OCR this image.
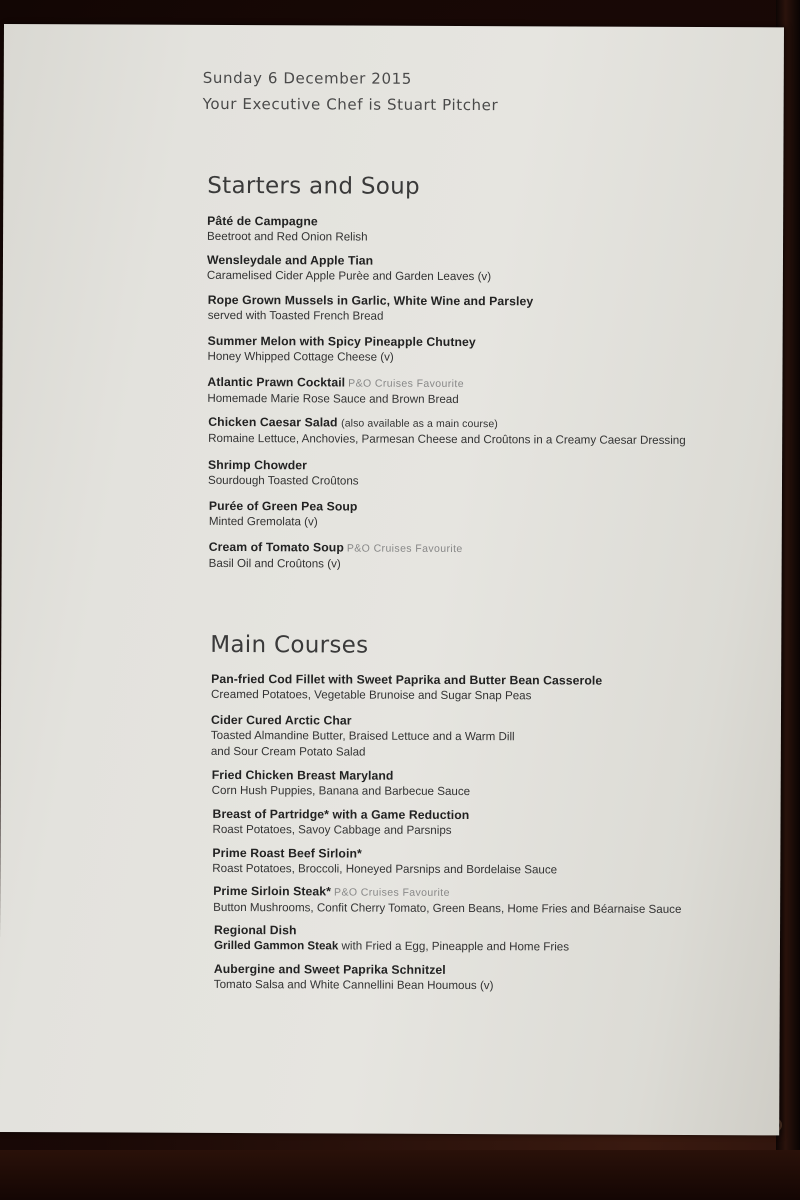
Sunday 6 December 2015
Your Executive Chef is Stuart Pitcher
Starters and Soup
Pâté de Campagne
Beetroot and Red Onion Relish
Wensleydale and Apple Tian
Caramelised Cider Apple Purèe and Garden Leaves (v)
Rope Grown Mussels in Garlic, White Wine and Parsley
served with Toasted French Bread
Summer Melon with Spicy Pineapple Chutney
Honey Whipped Cottage Cheese (v)
Atlantic Prawn Cocktail P&O Cruises Favourite
Homemade Marie Rose Sauce and Brown Bread
Chicken Caesar Salad (also available as a main course)
Romaine Lettuce, Anchovies, Parmesan Cheese and Croûtons in a Creamy Caesar Dressing
Shrimp Chowder
Sourdough Toasted Croûtons
Purée of Green Pea Soup
Minted Gremolata (v)
Cream of Tomato Soup P&O Cruises Favourite
Basil Oil and Croûtons (v)
Main Courses
Pan-fried Cod Fillet with Sweet Paprika and Butter Bean Casserole
Creamed Potatoes, Vegetable Brunoise and Sugar Snap Peas
Cider Cured Arctic Char
Toasted Almandine Butter, Braised Lettuce and a Warm Dill
and Sour Cream Potato Salad
Fried Chicken Breast Maryland
Corn Hush Puppies, Banana and Barbecue Sauce
Breast of Partridge* with a Game Reduction
Roast Potatoes, Savoy Cabbage and Parsnips
Prime Roast Beef Sirloin*
Roast Potatoes, Broccoli, Honeyed Parsnips and Bordelaise Sauce
Prime Sirloin Steak* P&O Cruises Favourite
Button Mushrooms, Confit Cherry Tomato, Green Beans, Home Fries and Béarnaise Sauce
Regional Dish
Grilled Gammon Steak with Fried a Egg, Pineapple and Home Fries
Aubergine and Sweet Paprika Schnitzel
Tomato Salsa and White Cannellini Bean Houmous (v)
